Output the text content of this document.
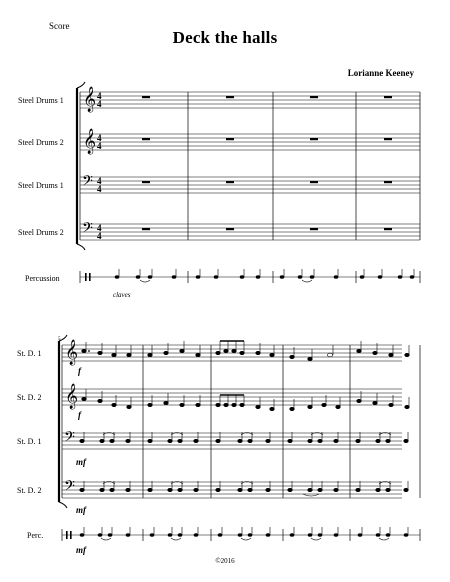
Score
Deck the halls
Lorianne Keeney
Steel Drums 1
Steel Drums 2
Steel Drums 1
Steel Drums 2
Percussion
St. D. 1
St. D. 2
St. D. 1
St. D. 2
Perc.
𝄞
𝄞
𝄢
𝄢
4
4
4
4
4
4
4
4
claves
5
𝄞
𝄞
𝄢
𝄢
f
f
mf
mf
mf
©2016
